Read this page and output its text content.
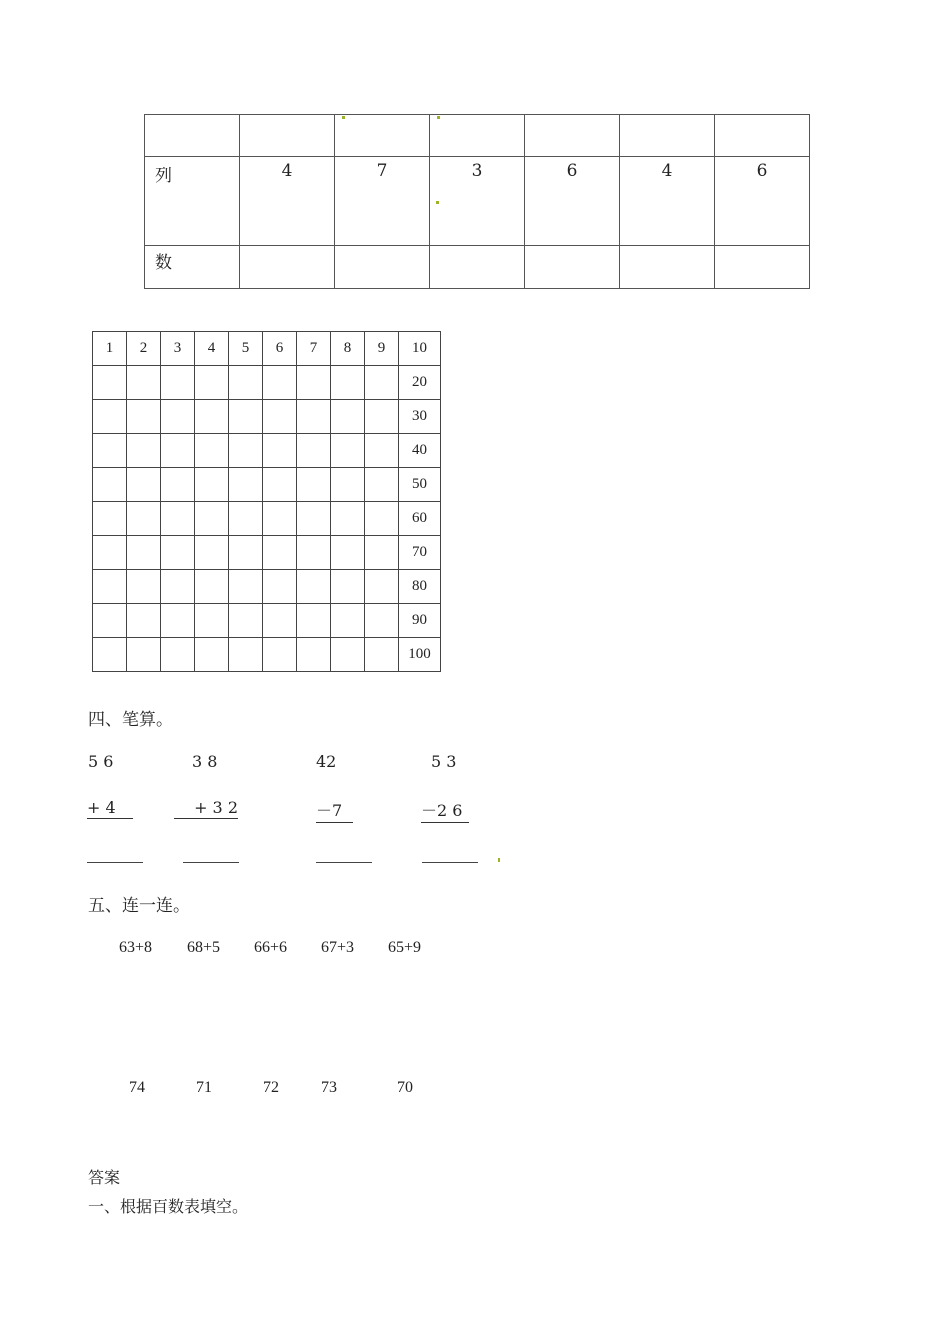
列	4	7	3	6	4	6
数						
1	2	3	4	5	6	7	8	9	10
									20
									30
									40
									50
									60
									70
									80
									90
									100
四、笔算。
5 6	3 8	42	5 3
+ 4	+ 3 2	－7	－2 6
五、连一连。
63+8 68+5 66+6 67+3 65+9
74	71	72	73	70
答案
一、根据百数表填空。
